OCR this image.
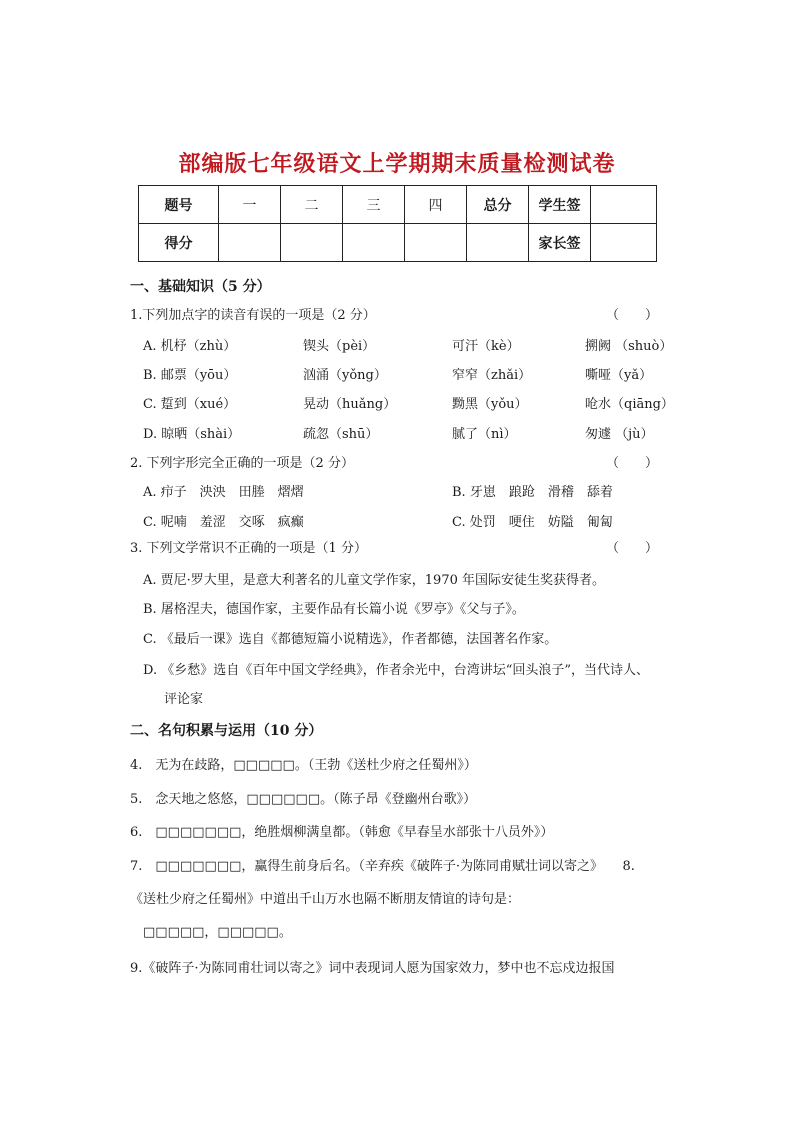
部编版七年级语文上学期期末质量检测试卷
题号	一	二	三	四	总分	学生签	
得分						家长签	
一、基础知识（5 分）
1.下列加点字的读音有误的一项是（2 分）	（　　）
A. 机杼（zhù）	锲头（pèi）	可汗（kè）	搠阙 （shuò）
B. 邮票（yōu）	汹涌（yǒng）	窄窄（zhǎi）	嘶哑（yǎ）
C. 踅到（xué）	晃动（huǎng）	黝黑（yǒu）	呛水（qiāng）
D. 晾晒（shài）	疏忽（shū）	腻了（nì）	匆遽 （jù）
2. 下列字形完全正确的一项是（2 分）	（　　）
A. 疖子　泱泱　田塍　熠熠	B. 牙崽　踉跄　滑稽　舔着
C. 呢喃　羞涩　交啄　疯癫	C. 处罚　哽住　妨隘　匍匐
3. 下列文学常识不正确的一项是（1 分）	（　　）
A. 贾尼·罗大里，是意大利著名的儿童文学作家，1970 年国际安徒生奖获得者。
B. 屠格涅夫，德国作家，主要作品有长篇小说《罗亭》《父与子》。
C. 《最后一课》选自《都德短篇小说精选》，作者都德，法国著名作家。
D. 《乡愁》选自《百年中国文学经典》，作者余光中，台湾讲坛“回头浪子”，当代诗人、
评论家
二、名句积累与运用（10 分）
4.　无为在歧路，□□□□□。（王勃《送杜少府之任蜀州》）
5.　念天地之悠悠，□□□□□□。（陈子昂《登幽州台歌》）
6.　□□□□□□□，绝胜烟柳满皇都。（韩愈《早春呈水部张十八员外》）
7.　□□□□□□□，赢得生前身后名。（辛弃疾《破阵子·为陈同甫赋壮词以寄之》　　8.
《送杜少府之任蜀州》中道出千山万水也隔不断朋友情谊的诗句是：
□□□□□，□□□□□。
9.《破阵子·为陈同甫壮词以寄之》词中表现词人愿为国家效力，梦中也不忘戍边报国
